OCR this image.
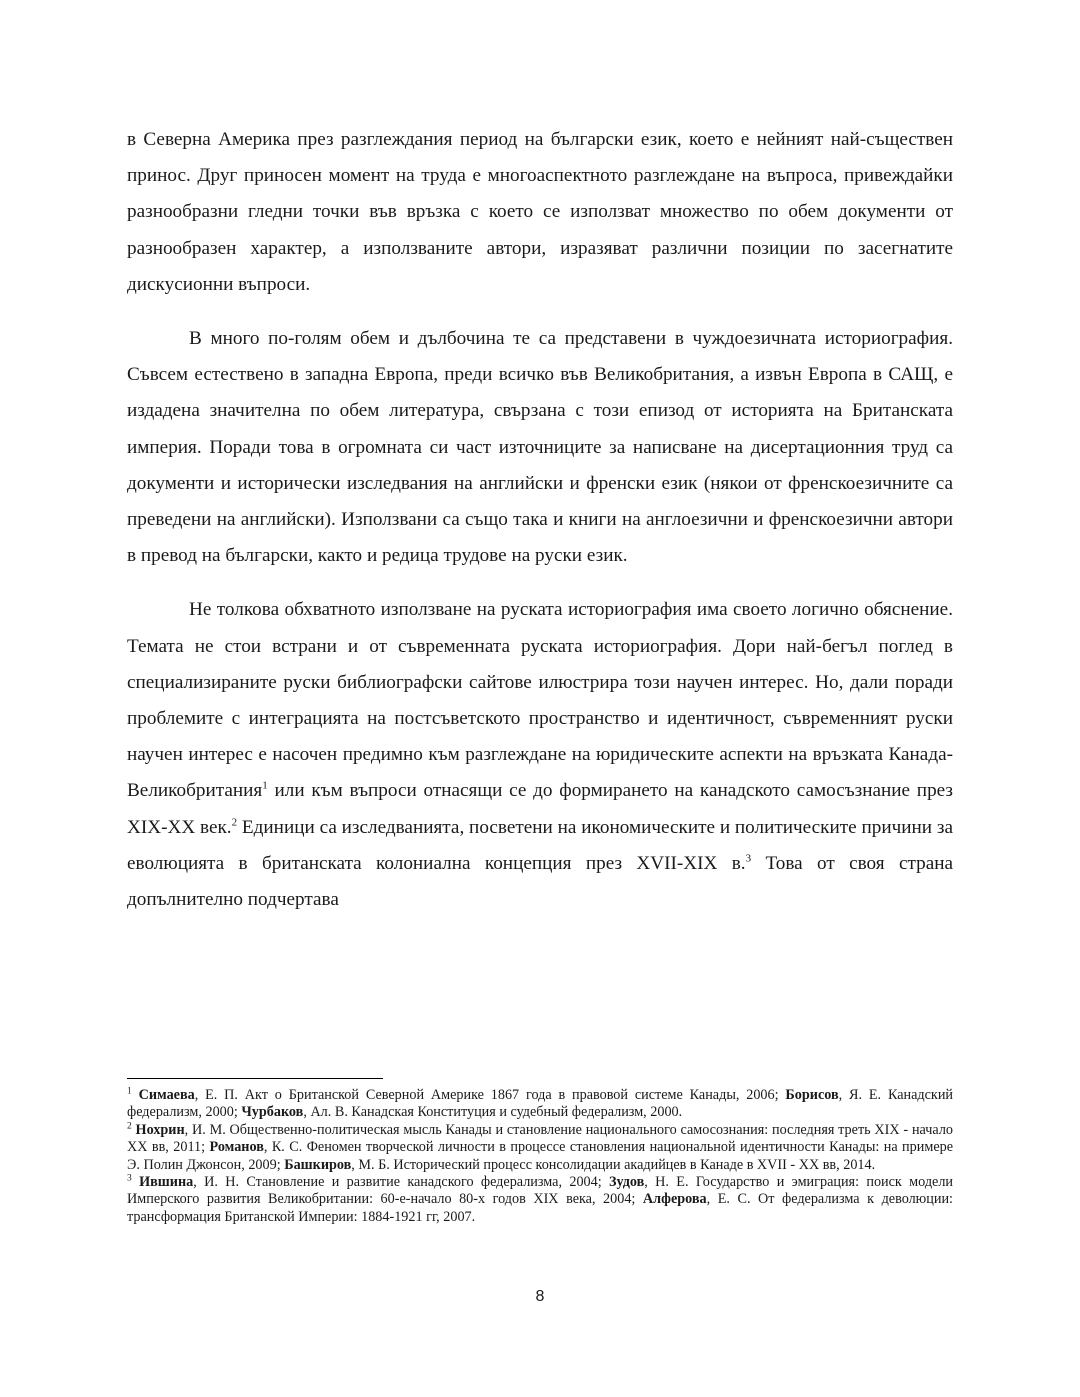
в Северна Америка през разглеждания период на български език, което е нейният най-съществен принос. Друг приносен момент на труда е многоаспектното разглеждане на въпроса, привеждайки разнообразни гледни точки във връзка с което се използват множество по обем документи от разнообразен характер, а използваните автори, изразяват различни позиции по засегнатите дискусионни въпроси.

В много по-голям обем и дълбочина те са представени в чуждоезичната историография. Съвсем естествено в западна Европа, преди всичко във Великобритания, а извън Европа в САЩ, е издадена значителна по обем литература, свързана с този епизод от историята на Британската империя. Поради това в огромната си част източниците за написване на дисертационния труд са документи и исторически изследвания на английски и френски език (някои от френскоезичните са преведени на английски). Използвани са също така и книги на англоезични и френскоезични автори в превод на български, както и редица трудове на руски език.

Не толкова обхватното използване на руската историография има своето логично обяснение. Темата не стои встрани и от съвременната руската историография. Дори най-бегъл поглед в специализираните руски библиографски сайтове илюстрира този научен интерес. Но, дали поради проблемите с интеграцията на постсъветското пространство и идентичност, съвременният руски научен интерес е насочен предимно към разглеждане на юридическите аспекти на връзката Канада-Великобритания$^1$ или към въпроси отнасящи се до формирането на канадското самосъзнание през XIX-XX век.$^2$ Единици са изследванията, посветени на икономическите и политическите причини за еволюцията в британската колониална концепция през XVII-XIX в.$^3$ Това от своя страна допълнително подчертава

$^1$ Симаева, Е. П. Акт о Британской Северной Америке 1867 года в правовой системе Канады, 2006; Борисов, Я. Е. Канадский федерализм, 2000; Чурбаков, Ал. В. Канадская Конституция и судебный федерализм, 2000.

$^2$ Нохрин, И. М. Общественно-политическая мысль Канады и становление национального самосознания: последняя треть XIX - начало XX вв, 2011; Романов, К. С. Феномен творческой личности в процессе становления национальной идентичности Канады: на примере Э. Полин Джонсон, 2009; Башкиров, М. Б. Исторический процесс консолидации акадийцев в Канаде в XVII - XX вв, 2014.

$^3$ Ившина, И. Н. Становление и развитие канадского федерализма, 2004; Зудов, Н. Е. Государство и эмиграция: поиск модели Имперского развития Великобритании: 60-е-начало 80-х годов XIX века, 2004; Алферова, Е. С. От федерализма к деволюции: трансформация Британской Империи: 1884-1921 гг, 2007.

8
